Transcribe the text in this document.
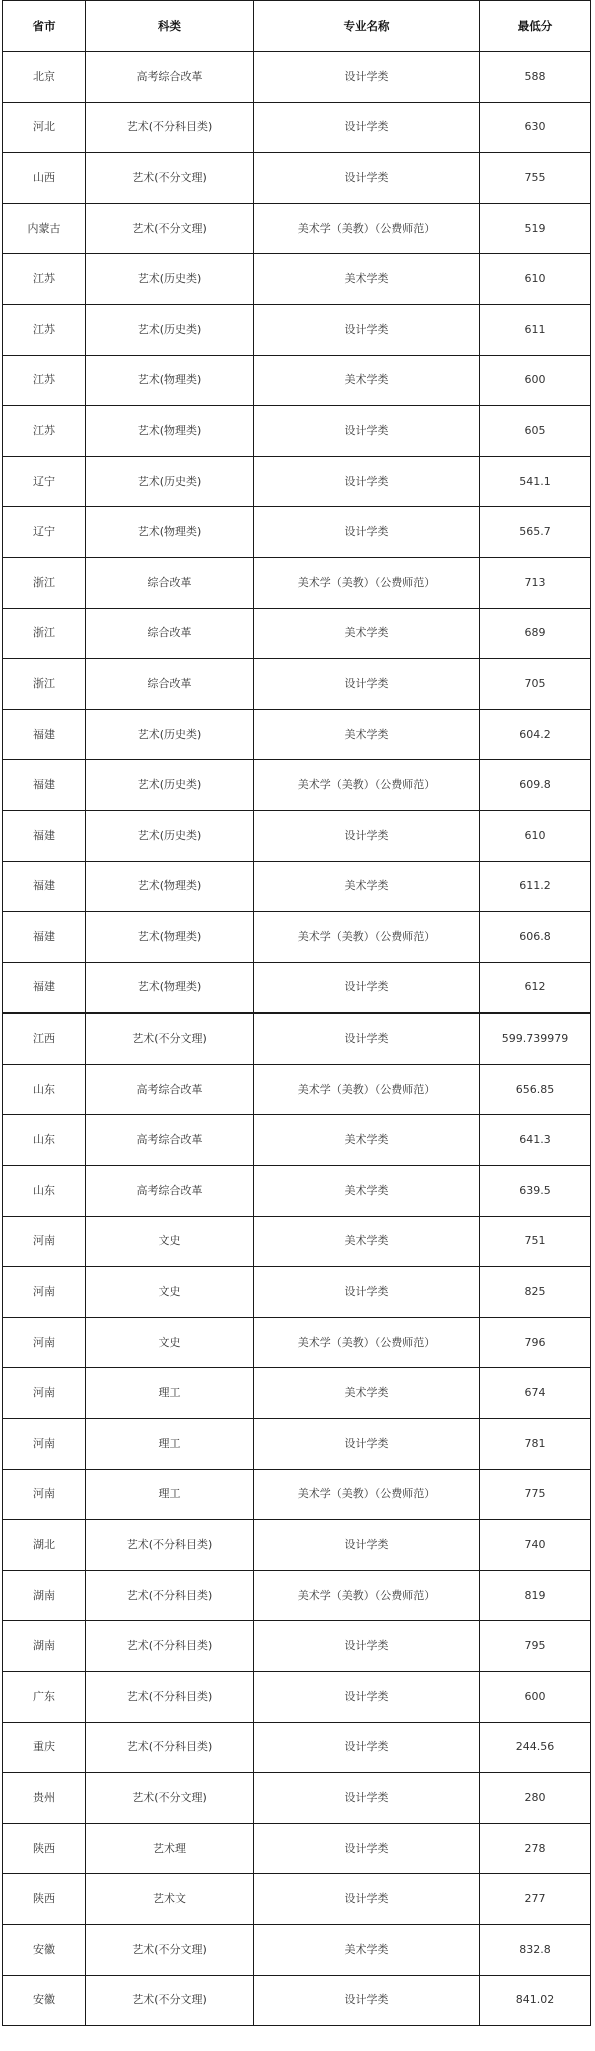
省市	科类	专业名称	最低分
北京	高考综合改革	设计学类	588
河北	艺术(不分科目类)	设计学类	630
山西	艺术(不分文理)	设计学类	755
内蒙古	艺术(不分文理)	美术学（美教）（公费师范）	519
江苏	艺术(历史类)	美术学类	610
江苏	艺术(历史类)	设计学类	611
江苏	艺术(物理类)	美术学类	600
江苏	艺术(物理类)	设计学类	605
辽宁	艺术(历史类)	设计学类	541.1
辽宁	艺术(物理类)	设计学类	565.7
浙江	综合改革	美术学（美教）（公费师范）	713
浙江	综合改革	美术学类	689
浙江	综合改革	设计学类	705
福建	艺术(历史类)	美术学类	604.2
福建	艺术(历史类)	美术学（美教）（公费师范）	609.8
福建	艺术(历史类)	设计学类	610
福建	艺术(物理类)	美术学类	611.2
福建	艺术(物理类)	美术学（美教）（公费师范）	606.8
福建	艺术(物理类)	设计学类	612
江西	艺术(不分文理)	设计学类	599.739979
山东	高考综合改革	美术学（美教）（公费师范）	656.85
山东	高考综合改革	美术学类	641.3
山东	高考综合改革	美术学类	639.5
河南	文史	美术学类	751
河南	文史	设计学类	825
河南	文史	美术学（美教）（公费师范）	796
河南	理工	美术学类	674
河南	理工	设计学类	781
河南	理工	美术学（美教）（公费师范）	775
湖北	艺术(不分科目类)	设计学类	740
湖南	艺术(不分科目类)	美术学（美教）（公费师范）	819
湖南	艺术(不分科目类)	设计学类	795
广东	艺术(不分科目类)	设计学类	600
重庆	艺术(不分科目类)	设计学类	244.56
贵州	艺术(不分文理)	设计学类	280
陕西	艺术理	设计学类	278
陕西	艺术文	设计学类	277
安徽	艺术(不分文理)	美术学类	832.8
安徽	艺术(不分文理)	设计学类	841.02
